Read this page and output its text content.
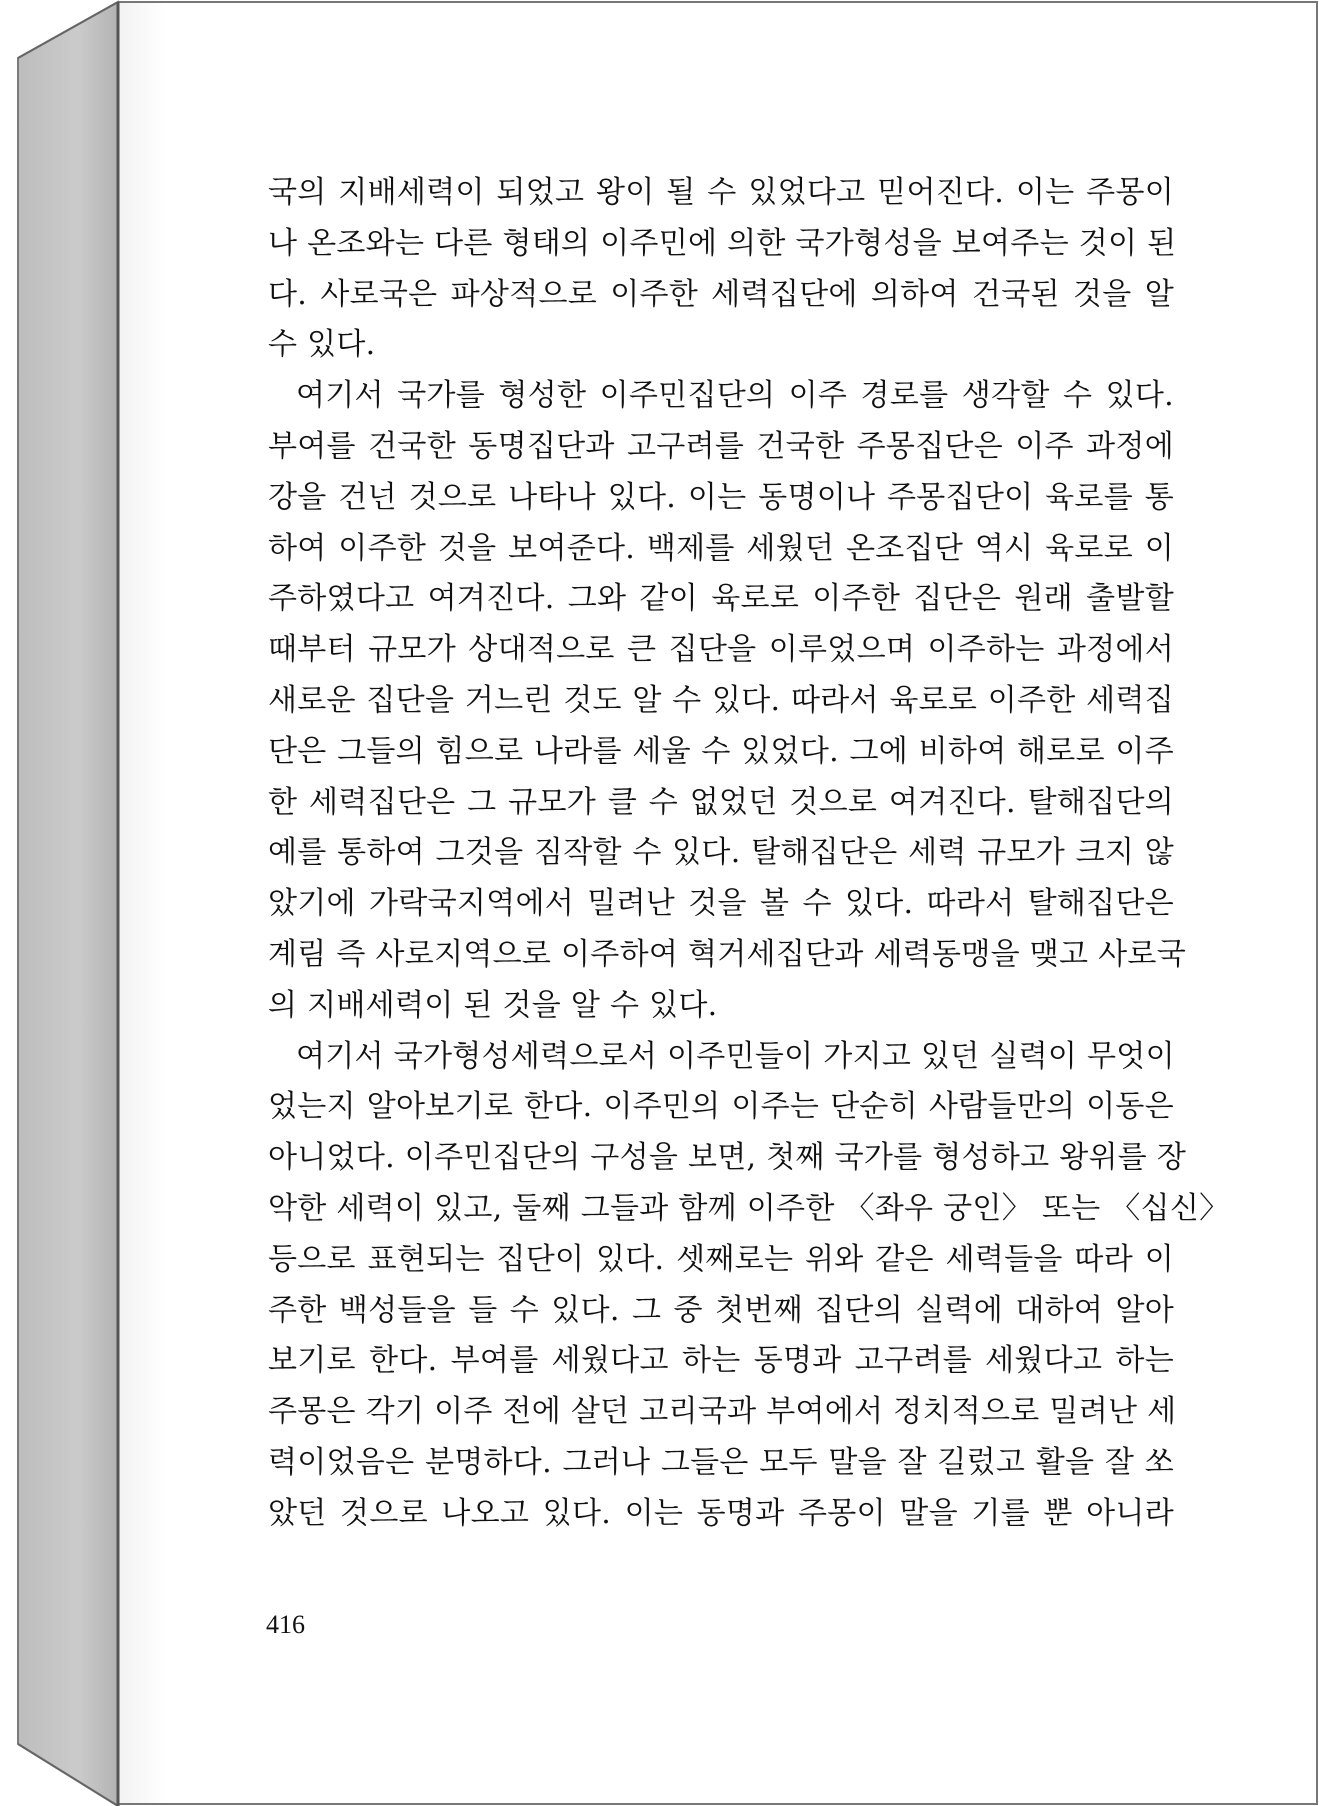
국의 지배세력이 되었고 왕이 될 수 있었다고 믿어진다. 이는 주몽이
나 온조와는 다른 형태의 이주민에 의한 국가형성을 보여주는 것이 된
다. 사로국은 파상적으로 이주한 세력집단에 의하여 건국된 것을 알
수 있다.
여기서 국가를 형성한 이주민집단의 이주 경로를 생각할 수 있다.
부여를 건국한 동명집단과 고구려를 건국한 주몽집단은 이주 과정에
강을 건넌 것으로 나타나 있다. 이는 동명이나 주몽집단이 육로를 통
하여 이주한 것을 보여준다. 백제를 세웠던 온조집단 역시 육로로 이
주하였다고 여겨진다. 그와 같이 육로로 이주한 집단은 원래 출발할
때부터 규모가 상대적으로 큰 집단을 이루었으며 이주하는 과정에서
새로운 집단을 거느린 것도 알 수 있다. 따라서 육로로 이주한 세력집
단은 그들의 힘으로 나라를 세울 수 있었다. 그에 비하여 해로로 이주
한 세력집단은 그 규모가 클 수 없었던 것으로 여겨진다. 탈해집단의
예를 통하여 그것을 짐작할 수 있다. 탈해집단은 세력 규모가 크지 않
았기에 가락국지역에서 밀려난 것을 볼 수 있다. 따라서 탈해집단은
계림 즉 사로지역으로 이주하여 혁거세집단과 세력동맹을 맺고 사로국
의 지배세력이 된 것을 알 수 있다.
여기서 국가형성세력으로서 이주민들이 가지고 있던 실력이 무엇이
었는지 알아보기로 한다. 이주민의 이주는 단순히 사람들만의 이동은
아니었다. 이주민집단의 구성을 보면, 첫째 국가를 형성하고 왕위를 장
악한 세력이 있고, 둘째 그들과 함께 이주한 〈좌우 궁인〉 또는 〈십신〉
등으로 표현되는 집단이 있다. 셋째로는 위와 같은 세력들을 따라 이
주한 백성들을 들 수 있다. 그 중 첫번째 집단의 실력에 대하여 알아
보기로 한다. 부여를 세웠다고 하는 동명과 고구려를 세웠다고 하는
주몽은 각기 이주 전에 살던 고리국과 부여에서 정치적으로 밀려난 세
력이었음은 분명하다. 그러나 그들은 모두 말을 잘 길렀고 활을 잘 쏘
았던 것으로 나오고 있다. 이는 동명과 주몽이 말을 기를 뿐 아니라
416
